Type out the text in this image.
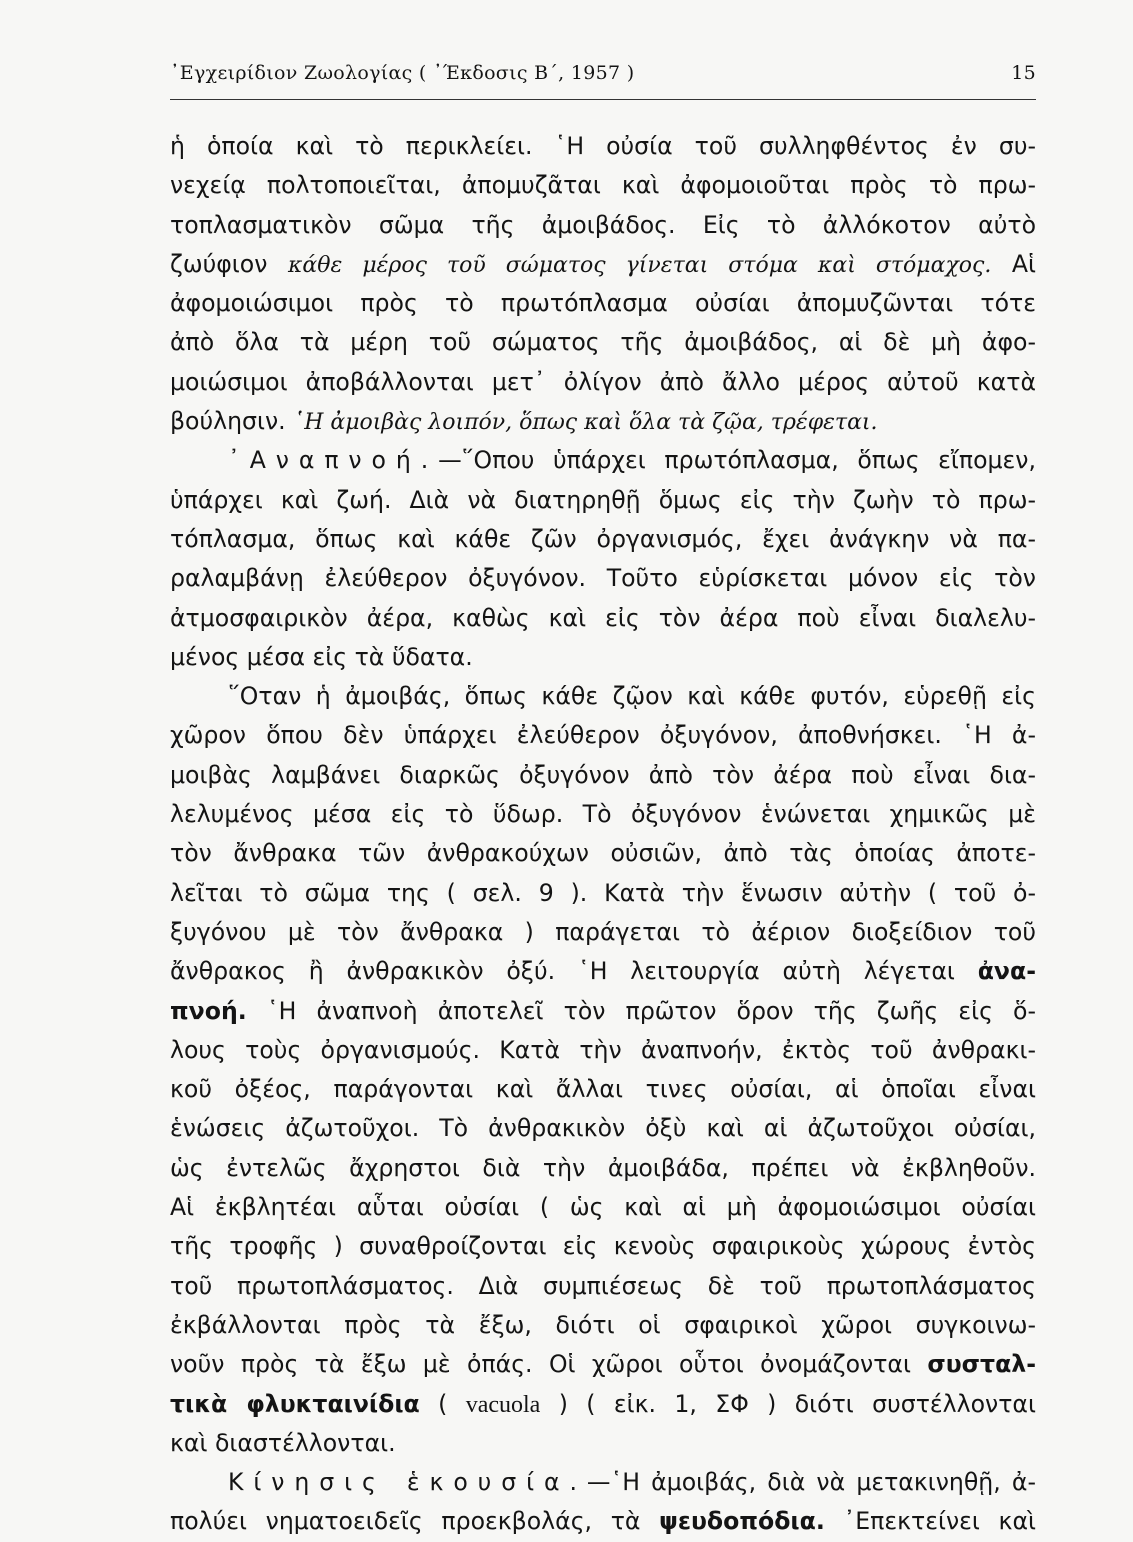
᾿Εγχειρίδιον Ζωολογίας ( ᾿Έκδοσις Β΄, 1957 )	15
ἡ ὁποία καὶ τὸ περικλείει. ῾Η οὐσία τοῦ συλληφθέντος ἐν συ-
νεχείᾳ πολτοποιεῖται, ἀπομυζᾶται καὶ ἀφομοιοῦται πρὸς τὸ πρω-
τοπλασματικὸν σῶμα τῆς ἀμοιβάδος. Εἰς τὸ ἀλλόκοτον αὐτὸ
ζωύφιον κάθε μέρος τοῦ σώματος γίνεται στόμα καὶ στόμαχος. Αἱ
ἀφομοιώσιμοι πρὸς τὸ πρωτόπλασμα οὐσίαι ἀπομυζῶνται τότε
ἀπὸ ὅλα τὰ μέρη τοῦ σώματος τῆς ἀμοιβάδος, αἱ δὲ μὴ ἀφο-
μοιώσιμοι ἀποβάλλονται μετ᾿ ὀλίγον ἀπὸ ἄλλο μέρος αὐτοῦ κατὰ
βούλησιν. ῾Η ἀμοιβὰς λοιπόν, ὅπως καὶ ὅλα τὰ ζῷα, τρέφεται.
᾿Αναπνοή.—῞Οπου ὑπάρχει πρωτόπλασμα, ὅπως εἴπομεν,
ὑπάρχει καὶ ζωή. Διὰ νὰ διατηρηθῇ ὅμως εἰς τὴν ζωὴν τὸ πρω-
τόπλασμα, ὅπως καὶ κάθε ζῶν ὀργανισμός, ἔχει ἀνάγκην νὰ πα-
ραλαμβάνῃ ἐλεύθερον ὀξυγόνον. Τοῦτο εὑρίσκεται μόνον εἰς τὸν
ἀτμοσφαιρικὸν ἀέρα, καθὼς καὶ εἰς τὸν ἀέρα ποὺ εἶναι διαλελυ-
μένος μέσα εἰς τὰ ὕδατα.
῞Οταν ἡ ἀμοιβάς, ὅπως κάθε ζῷον καὶ κάθε φυτόν, εὑρεθῇ εἰς
χῶρον ὅπου δὲν ὑπάρχει ἐλεύθερον ὀξυγόνον, ἀποθνήσκει. ῾Η ἀ-
μοιβὰς λαμβάνει διαρκῶς ὀξυγόνον ἀπὸ τὸν ἀέρα ποὺ εἶναι δια-
λελυμένος μέσα εἰς τὸ ὕδωρ. Τὸ ὀξυγόνον ἑνώνεται χημικῶς μὲ
τὸν ἄνθρακα τῶν ἀνθρακούχων οὐσιῶν, ἀπὸ τὰς ὁποίας ἀποτε-
λεῖται τὸ σῶμα της ( σελ. 9 ). Κατὰ τὴν ἕνωσιν αὐτὴν ( τοῦ ὀ-
ξυγόνου μὲ τὸν ἄνθρακα ) παράγεται τὸ ἀέριον διοξείδιον τοῦ
ἄνθρακος ἢ ἀνθρακικὸν ὀξύ. ῾Η λειτουργία αὐτὴ λέγεται ἀνα-
πνοή. ῾Η ἀναπνοὴ ἀποτελεῖ τὸν πρῶτον ὅρον τῆς ζωῆς εἰς ὅ-
λους τοὺς ὀργανισμούς. Κατὰ τὴν ἀναπνοήν, ἐκτὸς τοῦ ἀνθρακι-
κοῦ ὀξέος, παράγονται καὶ ἄλλαι τινες οὐσίαι, αἱ ὁποῖαι εἶναι
ἑνώσεις ἀζωτοῦχοι. Τὸ ἀνθρακικὸν ὀξὺ καὶ αἱ ἀζωτοῦχοι οὐσίαι,
ὡς ἐντελῶς ἄχρηστοι διὰ τὴν ἀμοιβάδα, πρέπει νὰ ἐκβληθοῦν.
Αἱ ἐκβλητέαι αὗται οὐσίαι ( ὡς καὶ αἱ μὴ ἀφομοιώσιμοι οὐσίαι
τῆς τροφῆς ) συναθροίζονται εἰς κενοὺς σφαιρικοὺς χώρους ἐντὸς
τοῦ πρωτοπλάσματος. Διὰ συμπιέσεως δὲ τοῦ πρωτοπλάσματος
ἐκβάλλονται πρὸς τὰ ἔξω, διότι οἱ σφαιρικοὶ χῶροι συγκοινω-
νοῦν πρὸς τὰ ἔξω μὲ ὀπάς. Οἱ χῶροι οὗτοι ὀνομάζονται συσταλ-
τικὰ φλυκταινίδια ( vacuola ) ( εἰκ. 1, ΣΦ ) διότι συστέλλονται
καὶ διαστέλλονται.
Κίνησις ἑκουσία.—῾Η ἀμοιβάς, διὰ νὰ μετακινηθῇ, ἀ-
πολύει νηματοειδεῖς προεκβολάς, τὰ ψευδοπόδια. ᾿Επεκτείνει καὶ
